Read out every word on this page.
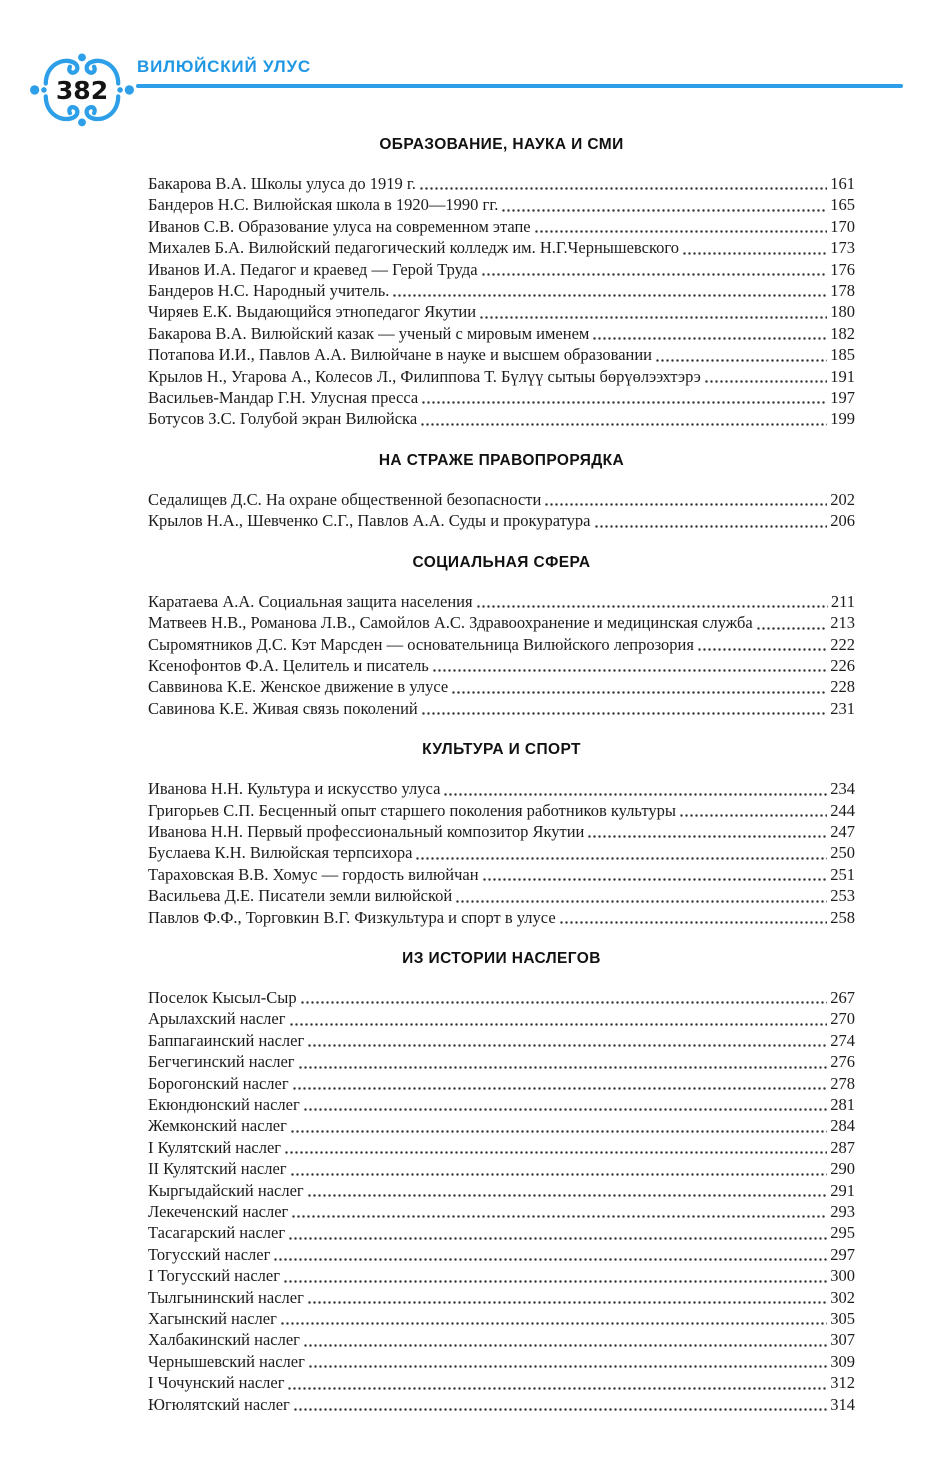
382
ВИЛЮЙСКИЙ УЛУС
ОБРАЗОВАНИЕ, НАУКА И СМИ
Бакарова В.А. Школы улуса до 1919 г.	161
Бандеров Н.С. Вилюйская школа в 1920—1990 гг.	165
Иванов С.В. Образование улуса на современном этапе	170
Михалев Б.А. Вилюйский педагогический колледж им. Н.Г.Чернышевского	173
Иванов И.А. Педагог и краевед — Герой Труда	176
Бандеров Н.С. Народный учитель.	178
Чиряев Е.К. Выдающийся этнопедагог Якутии	180
Бакарова В.А. Вилюйский казак — ученый с мировым именем	182
Потапова И.И., Павлов А.А. Вилюйчане в науке и высшем образовании	185
Крылов Н., Угарова А., Колесов Л., Филиппова Т. Бүлүү сытыы бөрүөлээхтэрэ	191
Васильев-Мандар Г.Н. Улусная пресса	197
Ботусов З.С. Голубой экран Вилюйска	199
НА СТРАЖЕ ПРАВОПРОРЯДКА
Седалищев Д.С. На охране общественной безопасности	202
Крылов Н.А., Шевченко С.Г., Павлов А.А. Суды и прокуратура	206
СОЦИАЛЬНАЯ СФЕРА
Каратаева А.А. Социальная защита населения	211
Матвеев Н.В., Романова Л.В., Самойлов А.С. Здравоохранение и медицинская служба	213
Сыромятников Д.С. Кэт Марсден — основательница Вилюйского лепрозория	222
Ксенофонтов Ф.А. Целитель и писатель	226
Саввинова К.Е. Женское движение в улусе	228
Савинова К.Е. Живая связь поколений	231
КУЛЬТУРА И СПОРТ
Иванова Н.Н. Культура и искусство улуса	234
Григорьев С.П. Бесценный опыт старшего поколения работников культуры	244
Иванова Н.Н. Первый профессиональный композитор Якутии	247
Буслаева К.Н. Вилюйская терпсихора	250
Тараховская В.В. Хомус — гордость вилюйчан	251
Васильева Д.Е. Писатели земли вилюйской	253
Павлов Ф.Ф., Торговкин В.Г. Физкультура и спорт в улусе	258
ИЗ ИСТОРИИ НАСЛЕГОВ
Поселок Кысыл-Сыр	267
Арылахский наслег	270
Баппагаинский наслег	274
Бегчегинский наслег	276
Борогонский наслег	278
Екюндюнский наслег	281
Жемконский наслег	284
I Кулятский наслег	287
II Кулятский наслег	290
Кыргыдайский наслег	291
Лекеченский наслег	293
Тасагарский наслег	295
Тогусский наслег	297
I Тогусский наслег	300
Тылгынинский наслег	302
Хагынский наслег	305
Халбакинский наслег	307
Чернышевский наслег	309
I Чочунский наслег	312
Югюлятский наслег	314
